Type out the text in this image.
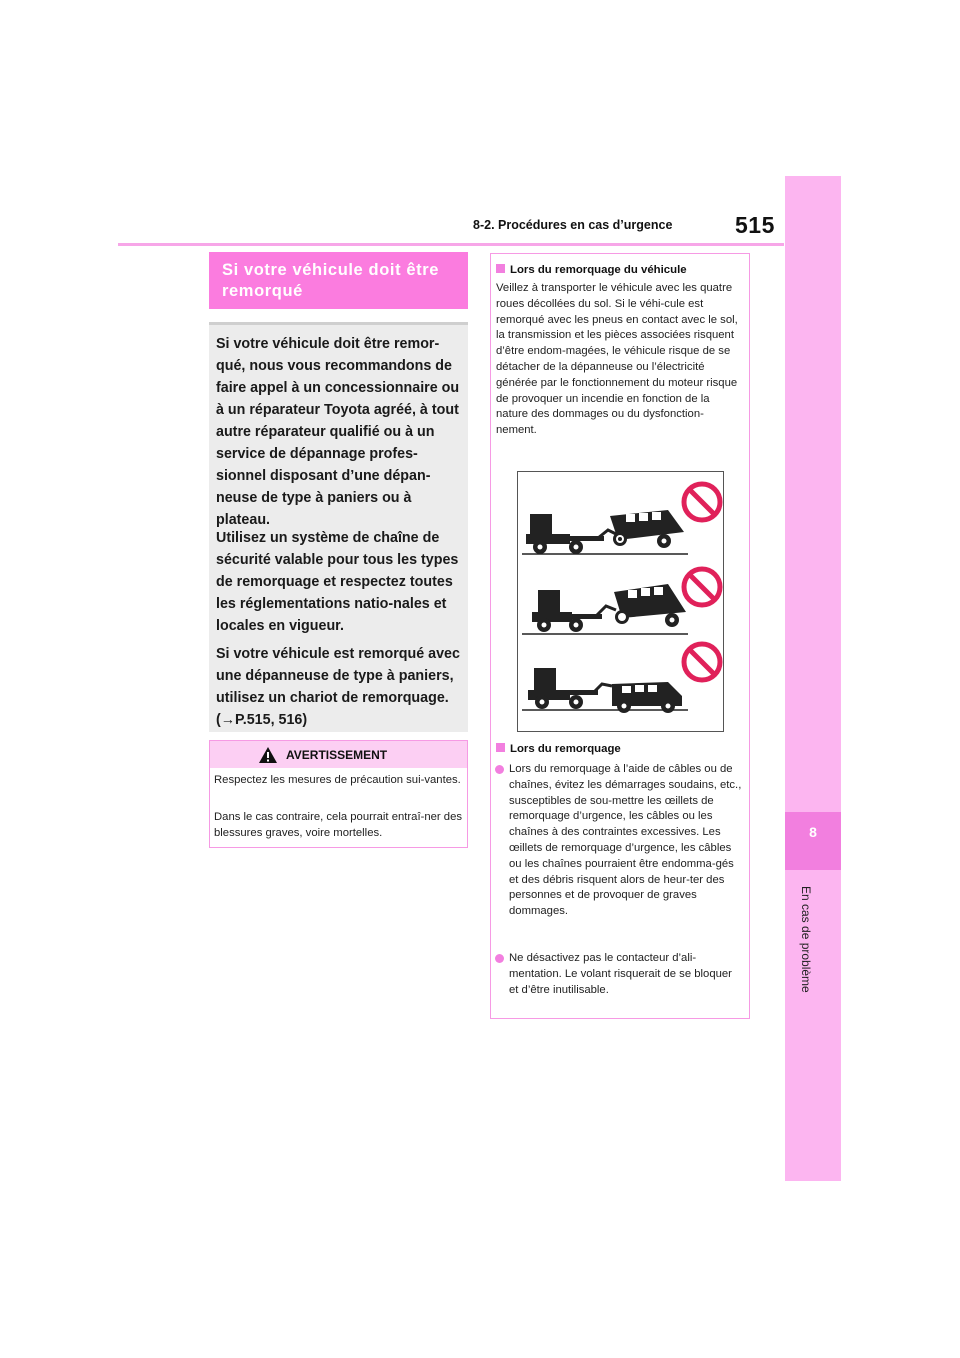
8-2. Procédures en cas d’urgence	515
8
En cas de problème
Si votre véhicule doit être remorqué

Si votre véhicule doit être remor-qué, nous vous recommandons de faire appel à un concessionnaire ou à un réparateur Toyota agréé, à tout autre réparateur qualifié ou à un service de dépannage profes-sionnel disposant d’une dépan-neuse de type à paniers ou à plateau.

Utilisez un système de chaîne de sécurité valable pour tous les types de remorquage et respectez toutes les réglementations natio-nales et locales en vigueur.

Si votre véhicule est remorqué avec une dépanneuse de type à paniers, utilisez un chariot de remorquage. (→P.515, 516)

AVERTISSEMENT

Respectez les mesures de précaution sui-vantes.

Dans le cas contraire, cela pourrait entraî-ner des blessures graves, voire mortelles.

Lors du remorquage du véhicule

Veillez à transporter le véhicule avec les quatre roues décollées du sol. Si le véhi-cule est remorqué avec les pneus en contact avec le sol, la transmission et les pièces associées risquent d’être endom-magées, le véhicule risque de se détacher de la dépanneuse ou l’électricité générée par le fonctionnement du moteur risque de provoquer un incendie en fonction de la nature des dommages ou du dysfonction-nement.

Lors du remorquage

Lors du remorquage à l’aide de câbles ou de chaînes, évitez les démarrages soudains, etc., susceptibles de sou-mettre les œillets de remorquage d’urgence, les câbles ou les chaînes à des contraintes excessives. Les œillets de remorquage d’urgence, les câbles ou les chaînes pourraient être endomma-gés et des débris risquent alors de heur-ter des personnes et de provoquer de graves dommages.

Ne désactivez pas le contacteur d’ali-mentation. Le volant risquerait de se bloquer et d’être inutilisable.
